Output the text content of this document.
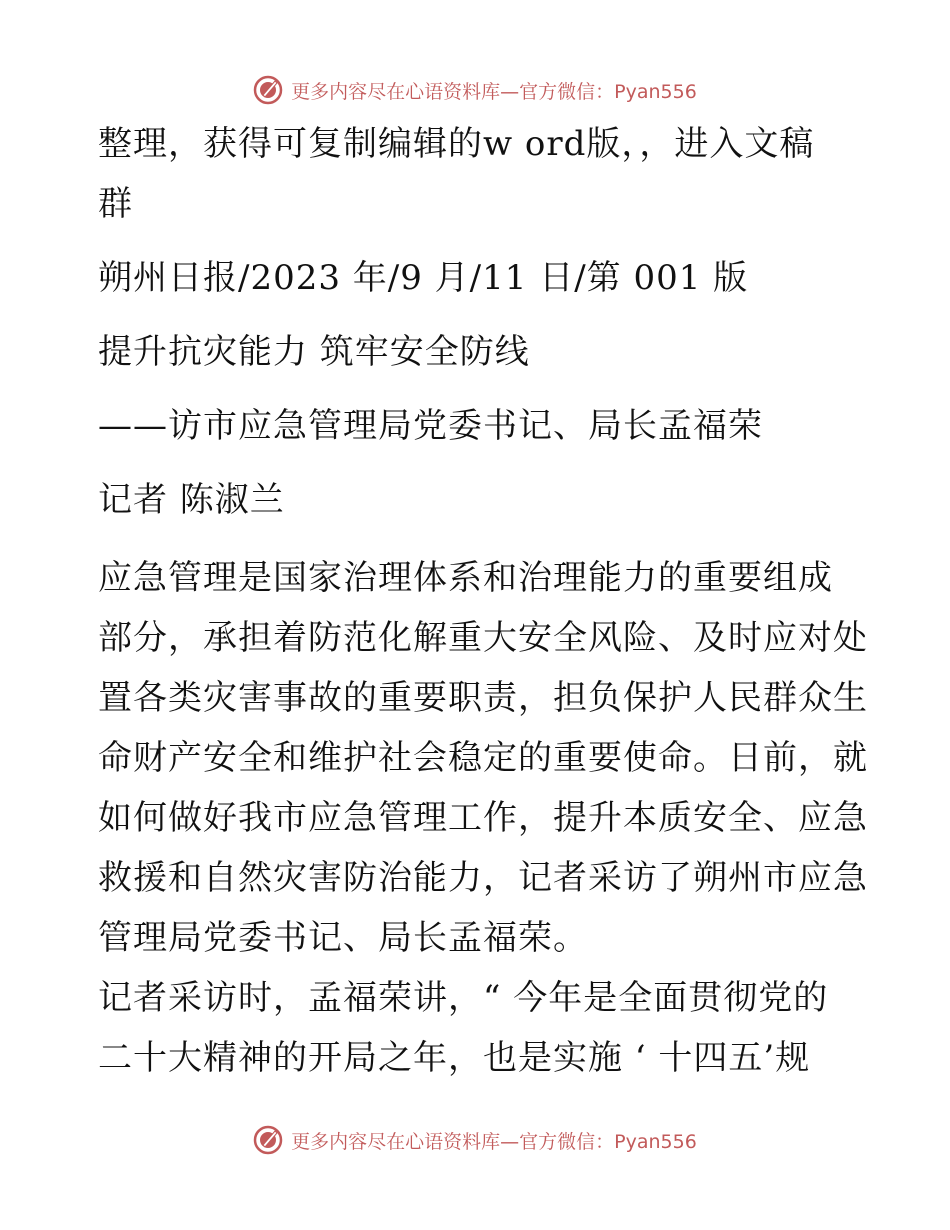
更多内容尽在心语资料库—官方微信：Pyan556
整理，获得可复制编辑的w ord版，，进入文稿
群
朔州日报/2023 年/9 月/11 日/第 001 版
提升抗灾能力 筑牢安全防线
——访市应急管理局党委书记、局长孟福荣
记者 陈淑兰
应急管理是国家治理体系和治理能力的重要组成
部分，承担着防范化解重大安全风险、及时应对处
置各类灾害事故的重要职责，担负保护人民群众生
命财产安全和维护社会稳定的重要使命。日前，就
如何做好我市应急管理工作，提升本质安全、应急
救援和自然灾害防治能力，记者采访了朔州市应急
管理局党委书记、局长孟福荣。
记者采访时，孟福荣讲，“ 今年是全面贯彻党的
二十大精神的开局之年，也是实施 ‘ 十四五’规
更多内容尽在心语资料库—官方微信：Pyan556
